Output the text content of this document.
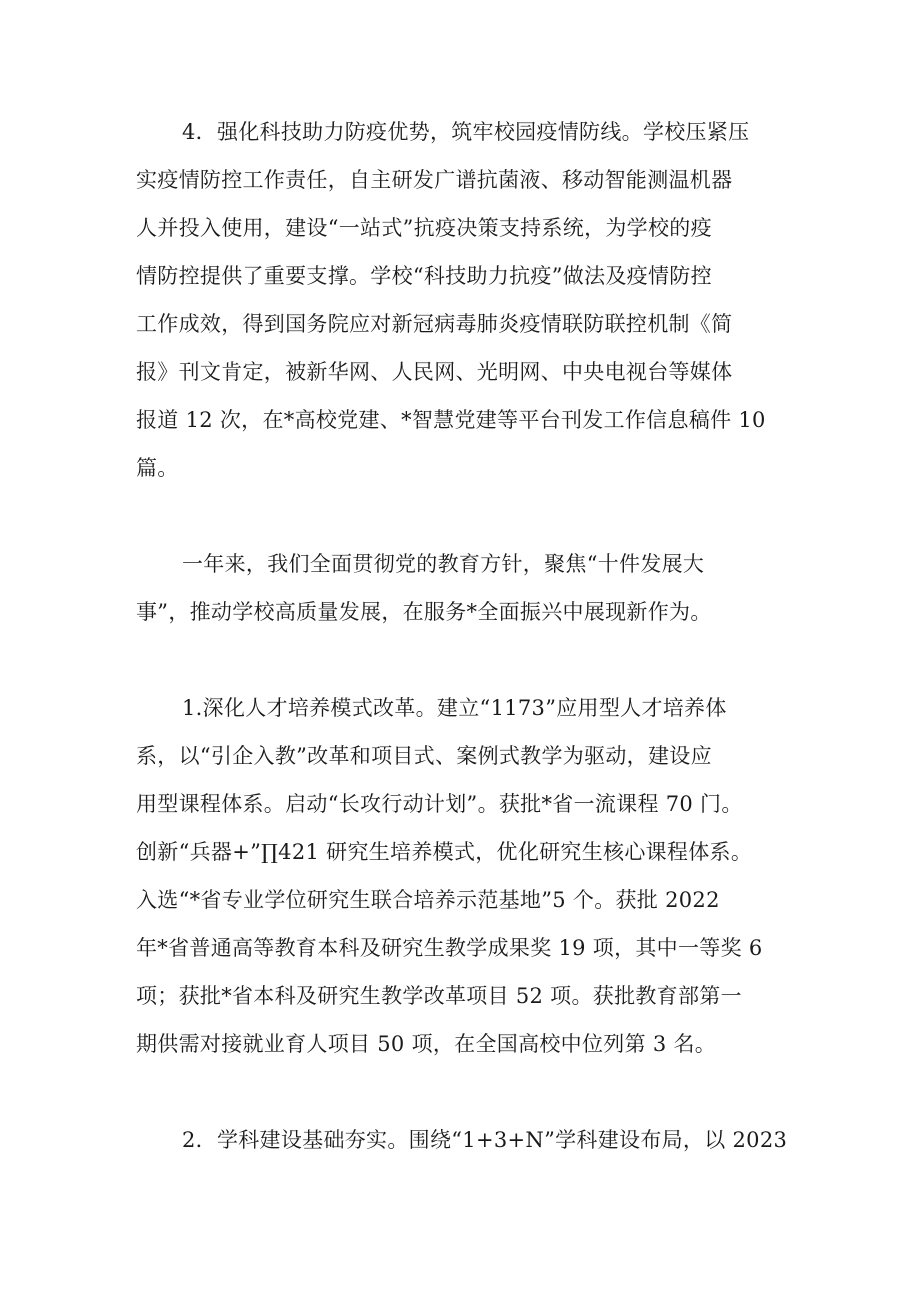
4．强化科技助力防疫优势，筑牢校园疫情防线。学校压紧压

实疫情防控工作责任，自主研发广谱抗菌液、移动智能测温机器

人并投入使用，建设“一站式”抗疫决策支持系统，为学校的疫

情防控提供了重要支撑。学校“科技助力抗疫”做法及疫情防控

工作成效，得到国务院应对新冠病毒肺炎疫情联防联控机制《简

报》刊文肯定，被新华网、人民网、光明网、中央电视台等媒体

报道 12 次，在*高校党建、*智慧党建等平台刊发工作信息稿件 10

篇。

一年来，我们全面贯彻党的教育方针，聚焦“十件发展大

事”，推动学校高质量发展，在服务*全面振兴中展现新作为。

1.深化人才培养模式改革。建立“1173”应用型人才培养体

系，以“引企入教”改革和项目式、案例式教学为驱动，建设应

用型课程体系。启动“长攻行动计划”。获批*省一流课程 70 门。

创新“兵器+”∏421 研究生培养模式，优化研究生核心课程体系。

入选“*省专业学位研究生联合培养示范基地”5 个。获批 2022

年*省普通高等教育本科及研究生教学成果奖 19 项，其中一等奖 6

项；获批*省本科及研究生教学改革项目 52 项。获批教育部第一

期供需对接就业育人项目 50 项，在全国高校中位列第 3 名。

2．学科建设基础夯实。围绕“1+3+N”学科建设布局，以 2023
